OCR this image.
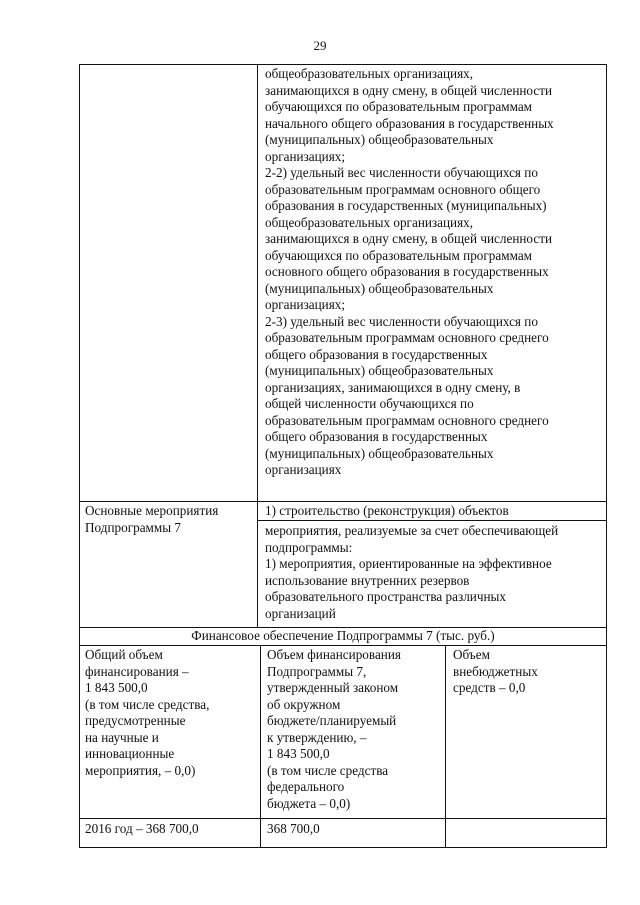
29
общеобразовательных организациях,
занимающихся в одну смену, в общей численности
обучающихся по образовательным программам
начального общего образования в государственных
(муниципальных) общеобразовательных
организациях;
2-2) удельный вес численности обучающихся по
образовательным программам основного общего
образования в государственных (муниципальных)
общеобразовательных организациях,
занимающихся в одну смену, в общей численности
обучающихся по образовательным программам
основного общего образования в государственных
(муниципальных) общеобразовательных
организациях;
2-3) удельный вес численности обучающихся по
образовательным программам основного среднего
общего образования в государственных
(муниципальных) общеобразовательных
организациях, занимающихся в одну смену, в
общей численности обучающихся по
образовательным программам основного среднего
общего образования в государственных
(муниципальных) общеобразовательных
организациях
Основные мероприятия
Подпрограммы 7
1) строительство (реконструкция) объектов
мероприятия, реализуемые за счет обеспечивающей
подпрограммы:
1) мероприятия, ориентированные на эффективное
использование внутренних резервов
образовательного пространства различных
организаций
Финансовое обеспечение Подпрограммы 7 (тыс. руб.)
Общий объем
финансирования –
1 843 500,0
(в том числе средства,
предусмотренные
на научные и
инновационные
мероприятия, – 0,0)
Объем финансирования
Подпрограммы 7,
утвержденный законом
об окружном
бюджете/планируемый
к утверждению, –
1 843 500,0
(в том числе средства
федерального
бюджета – 0,0)
Объем
внебюджетных
средств – 0,0
2016 год – 368 700,0	368 700,0
